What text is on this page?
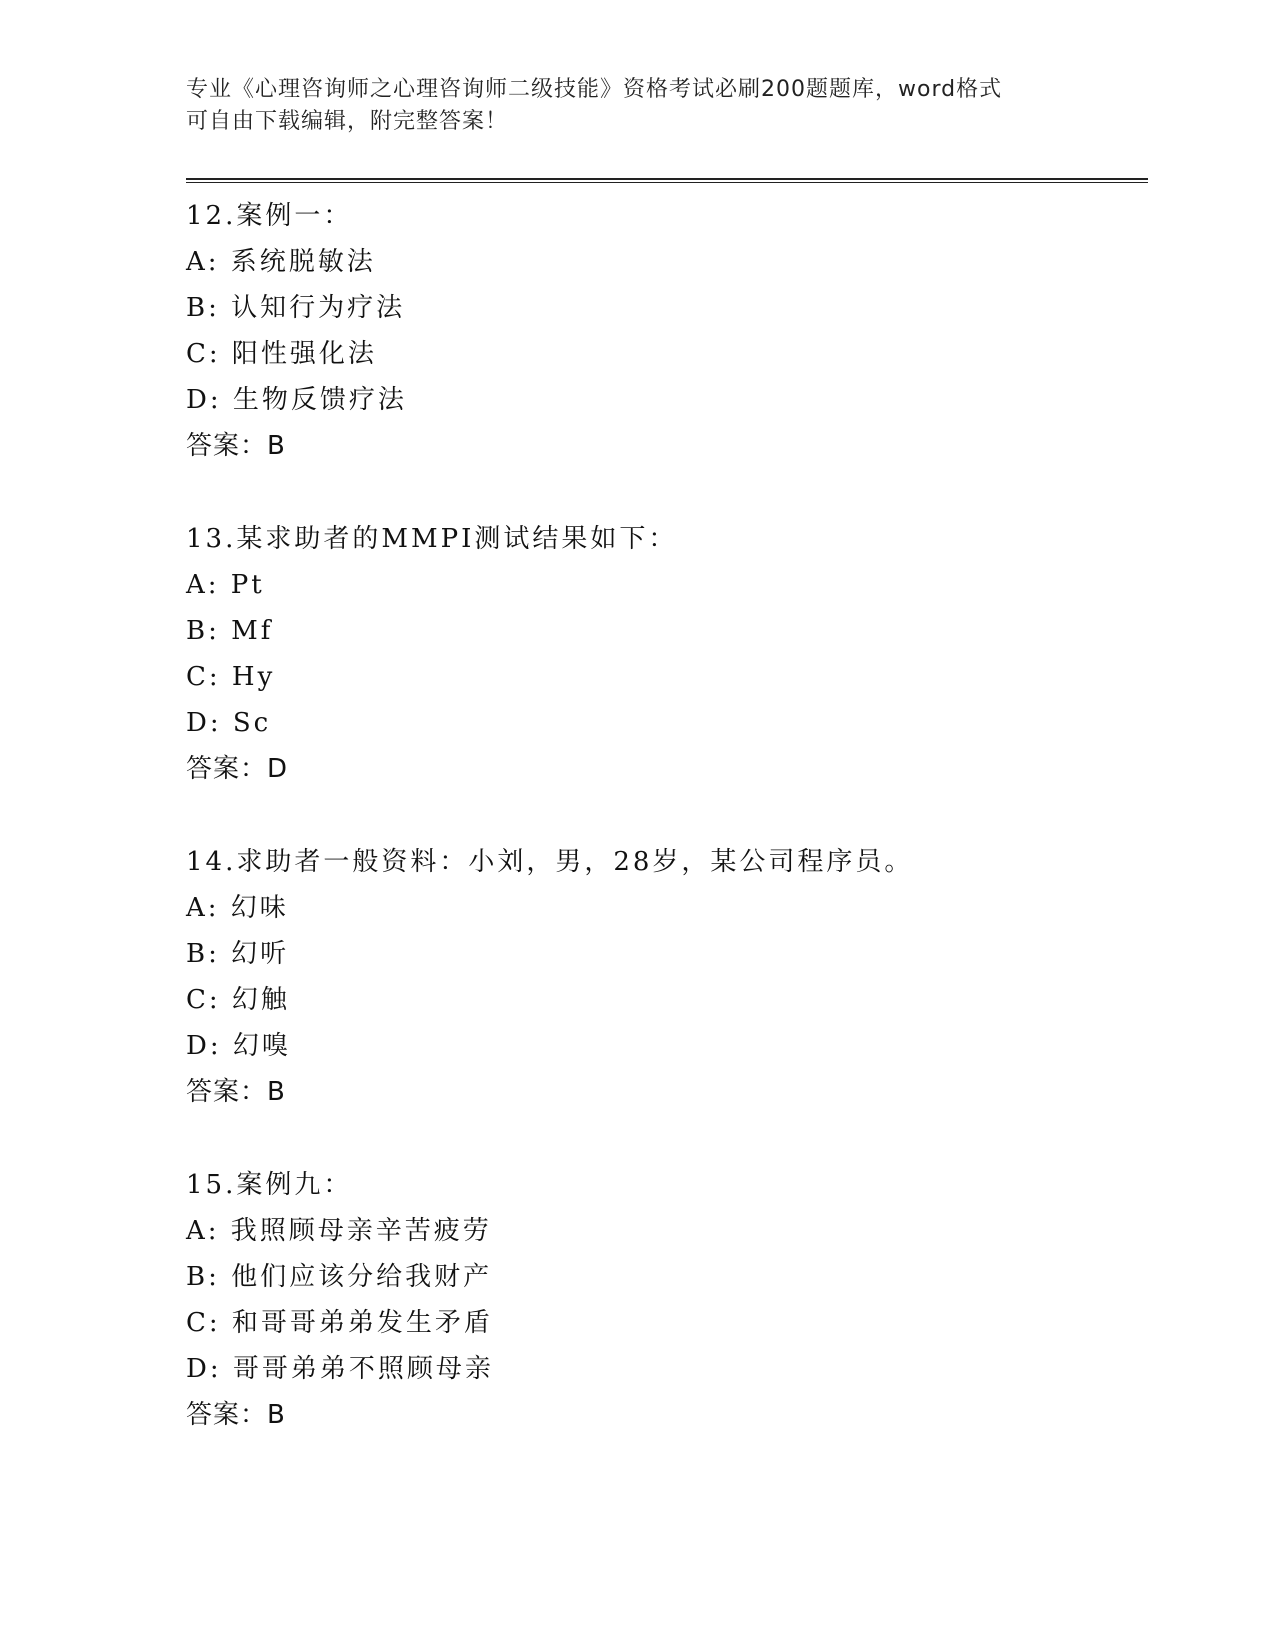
专业《心理咨询师之心理咨询师二级技能》资格考试必刷200题题库，word格式
可自由下载编辑，附完整答案！
12.案例一：
A: 系统脱敏法
B: 认知行为疗法
C: 阳性强化法
D: 生物反馈疗法
答案：B
13.某求助者的MMPI测试结果如下：
A: Pt
B: Mf
C: Hy
D: Sc
答案：D
14.求助者一般资料：小刘，男，28岁，某公司程序员。
A: 幻味
B: 幻听
C: 幻触
D: 幻嗅
答案：B
15.案例九：
A: 我照顾母亲辛苦疲劳
B: 他们应该分给我财产
C: 和哥哥弟弟发生矛盾
D: 哥哥弟弟不照顾母亲
答案：B
